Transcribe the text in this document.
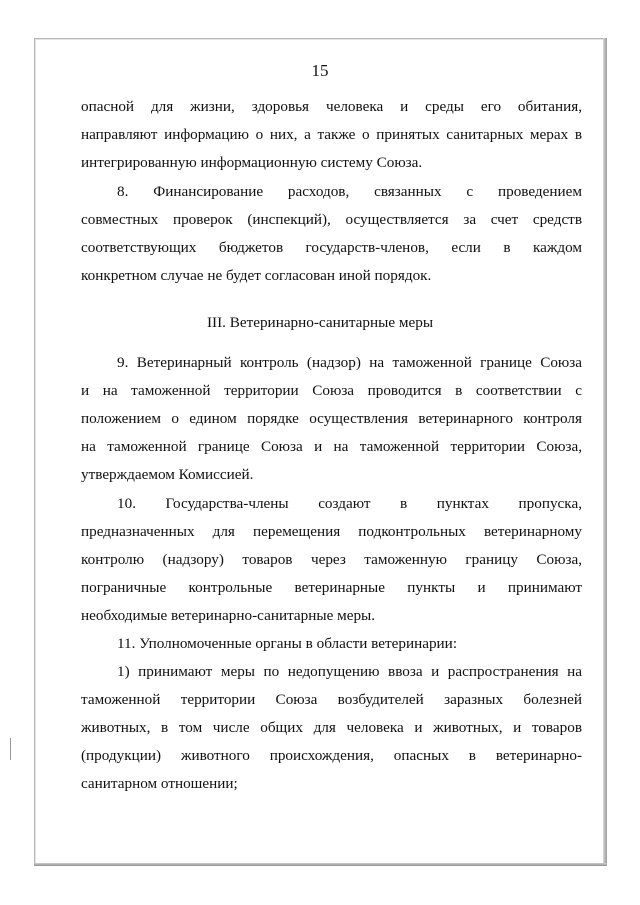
15
опасной для жизни, здоровья человека и среды его обитания,
направляют информацию о них, а также о принятых санитарных мерах в
интегрированную информационную систему Союза.
8. Финансирование расходов, связанных с проведением
совместных проверок (инспекций), осуществляется за счет средств
соответствующих бюджетов государств-членов, если в каждом
конкретном случае не будет согласован иной порядок.
III. Ветеринарно-санитарные меры
9. Ветеринарный контроль (надзор) на таможенной границе Союза
и на таможенной территории Союза проводится в соответствии с
положением о едином порядке осуществления ветеринарного контроля
на таможенной границе Союза и на таможенной территории Союза,
утверждаемом Комиссией.
10. Государства-члены создают в пунктах пропуска,
предназначенных для перемещения подконтрольных ветеринарному
контролю (надзору) товаров через таможенную границу Союза,
пограничные контрольные ветеринарные пункты и принимают
необходимые ветеринарно-санитарные меры.
11. Уполномоченные органы в области ветеринарии:
1) принимают меры по недопущению ввоза и распространения на
таможенной территории Союза возбудителей заразных болезней
животных, в том числе общих для человека и животных, и товаров
(продукции) животного происхождения, опасных в ветеринарно-
санитарном отношении;
